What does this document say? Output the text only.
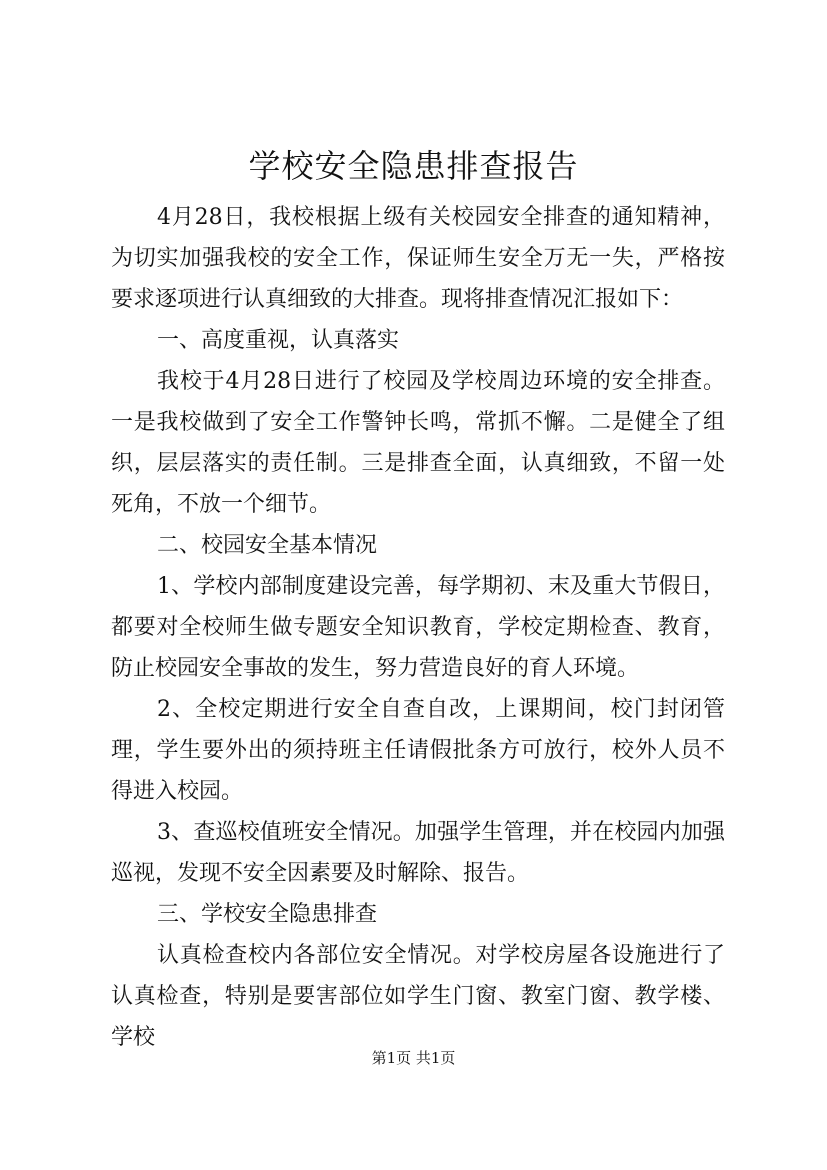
学校安全隐患排查报告

4月28日，我校根据上级有关校园安全排查的通知精神，为切实加强我校的安全工作，保证师生安全万无一失，严格按要求逐项进行认真细致的大排查。现将排查情况汇报如下：

一、高度重视，认真落实

我校于4月28日进行了校园及学校周边环境的安全排查。一是我校做到了安全工作警钟长鸣，常抓不懈。二是健全了组织，层层落实的责任制。三是排查全面，认真细致，不留一处死角，不放一个细节。

二、校园安全基本情况

1、学校内部制度建设完善，每学期初、末及重大节假日，都要对全校师生做专题安全知识教育，学校定期检查、教育，防止校园安全事故的发生，努力营造良好的育人环境。

2、全校定期进行安全自查自改，上课期间，校门封闭管理，学生要外出的须持班主任请假批条方可放行，校外人员不得进入校园。

3、查巡校值班安全情况。加强学生管理，并在校园内加强巡视，发现不安全因素要及时解除、报告。

三、学校安全隐患排查

认真检查校内各部位安全情况。对学校房屋各设施进行了认真检查，特别是要害部位如学生门窗、教室门窗、教学楼、学校

第1页 共1页
